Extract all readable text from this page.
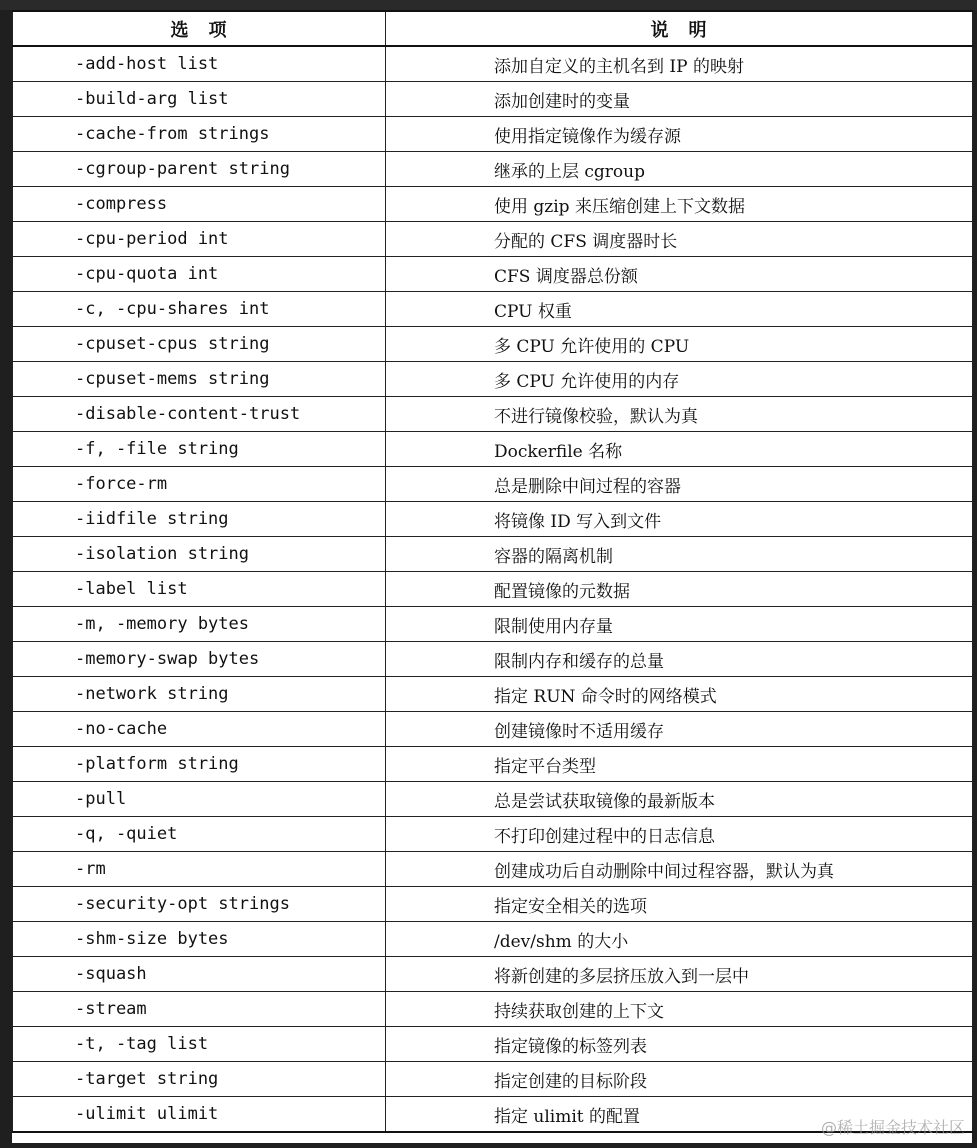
选　项	说　明
-add-host list	添加自定义的主机名到 IP 的映射
-build-arg list	添加创建时的变量
-cache-from strings	使用指定镜像作为缓存源
-cgroup-parent string	继承的上层 cgroup
-compress	使用 gzip 来压缩创建上下文数据
-cpu-period int	分配的 CFS 调度器时长
-cpu-quota int	CFS 调度器总份额
-c, -cpu-shares int	CPU 权重
-cpuset-cpus string	多 CPU 允许使用的 CPU
-cpuset-mems string	多 CPU 允许使用的内存
-disable-content-trust	不进行镜像校验，默认为真
-f, -file string	Dockerfile 名称
-force-rm	总是删除中间过程的容器
-iidfile string	将镜像 ID 写入到文件
-isolation string	容器的隔离机制
-label list	配置镜像的元数据
-m, -memory bytes	限制使用内存量
-memory-swap bytes	限制内存和缓存的总量
-network string	指定 RUN 命令时的网络模式
-no-cache	创建镜像时不适用缓存
-platform string	指定平台类型
-pull	总是尝试获取镜像的最新版本
-q, -quiet	不打印创建过程中的日志信息
-rm	创建成功后自动删除中间过程容器，默认为真
-security-opt strings	指定安全相关的选项
-shm-size bytes	/dev/shm 的大小
-squash	将新创建的多层挤压放入到一层中
-stream	持续获取创建的上下文
-t, -tag list	指定镜像的标签列表
-target string	指定创建的目标阶段
-ulimit ulimit	指定 ulimit 的配置
@稀土掘金技术社区
